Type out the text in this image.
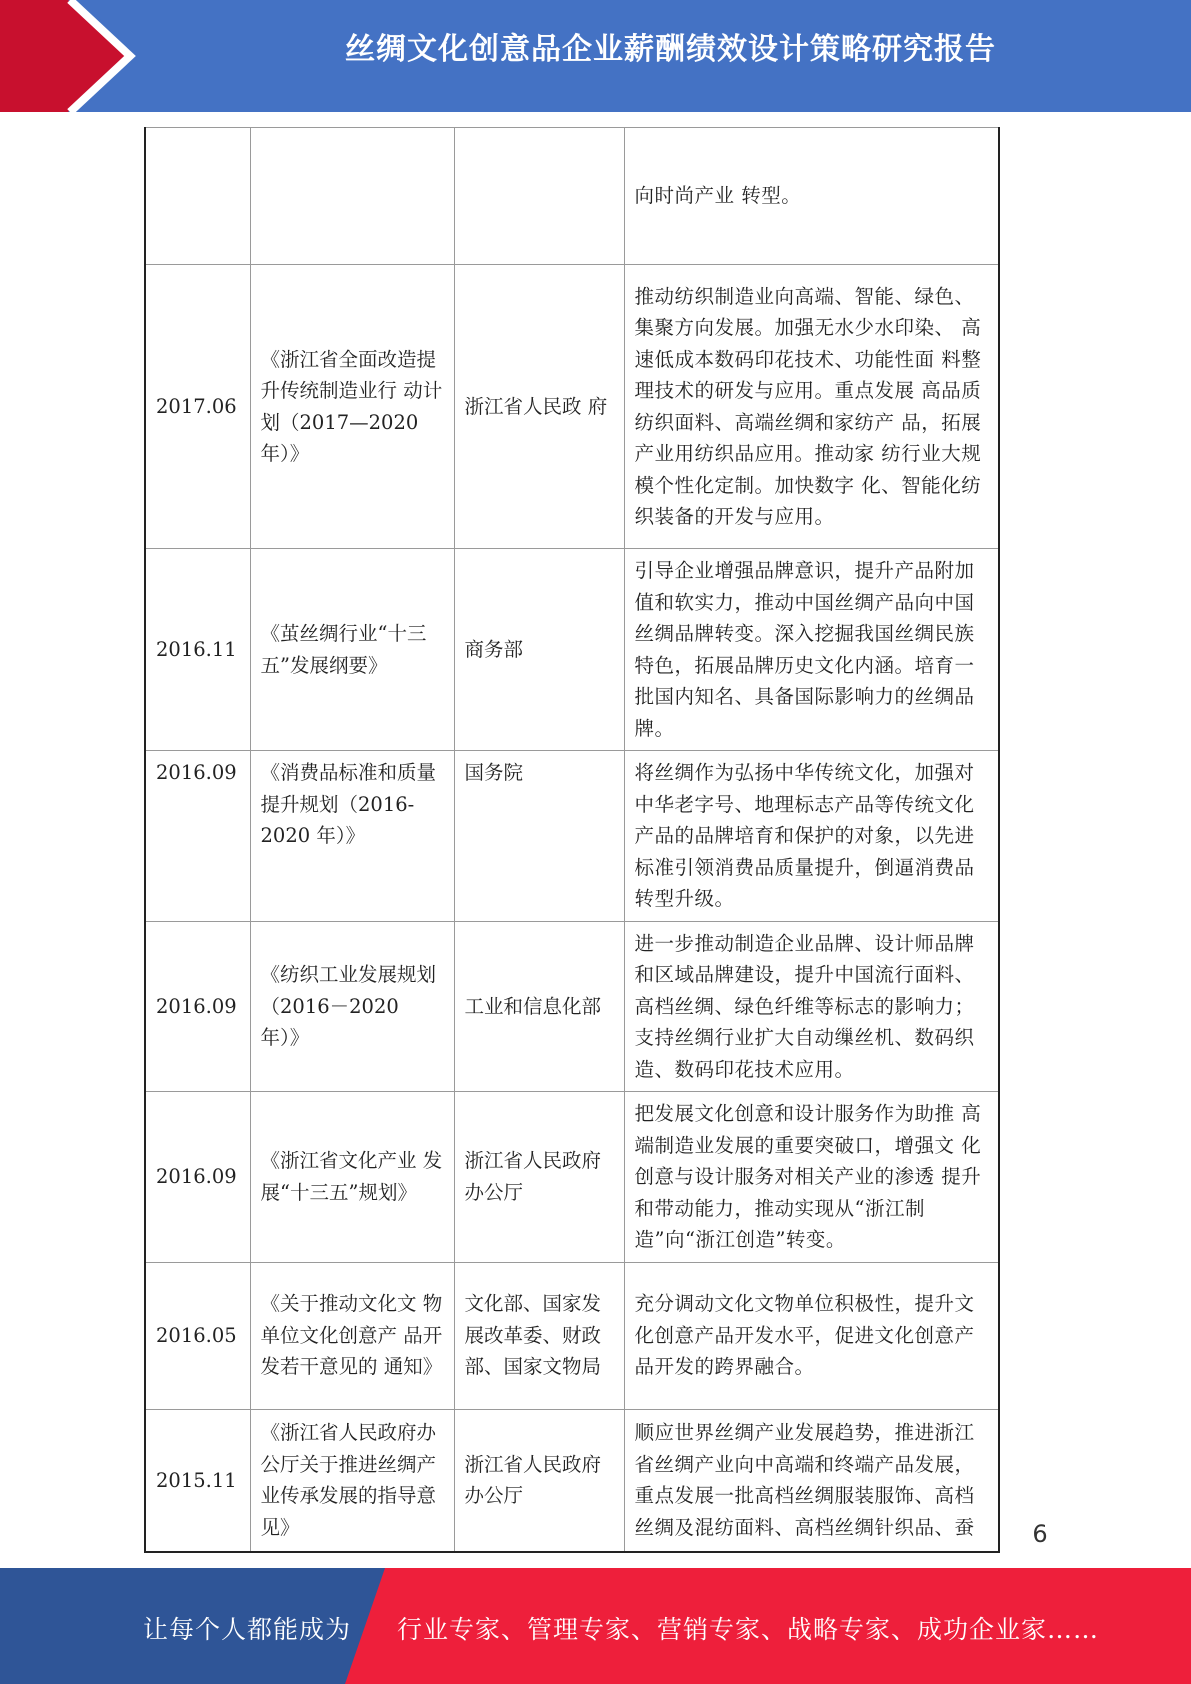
丝绸文化创意品企业薪酬绩效设计策略研究报告
			向时尚产业 转型。
2017.06	《浙江省全面改造提升传统制造业行 动计划（2017—2020 年）》	浙江省人民政 府	推动纺织制造业向高端、智能、绿色、 集聚方向发展。加强无水少水印染、 高速低成本数码印花技术、功能性面 料整理技术的研发与应用。重点发展 高品质纺织面料、高端丝绸和家纺产 品，拓展产业用纺织品应用。推动家 纺行业大规模个性化定制。加快数字 化、智能化纺织装备的开发与应用。
2016.11	《茧丝绸行业“十三五”发展纲要》	商务部	引导企业增强品牌意识，提升产品附加值和软实力，推动中国丝绸产品向中国丝绸品牌转变。深入挖掘我国丝绸民族特色，拓展品牌历史文化内涵。培育一批国内知名、具备国际影响力的丝绸品牌。
2016.09	《消费品标准和质量提升规划（2016-2020 年）》	国务院	将丝绸作为弘扬中华传统文化，加强对中华老字号、地理标志产品等传统文化产品的品牌培育和保护的对象，以先进标准引领消费品质量提升，倒逼消费品转型升级。
2016.09	《纺织工业发展规划（2016－2020 年）》	工业和信息化部	进一步推动制造企业品牌、设计师品牌和区域品牌建设，提升中国流行面料、高档丝绸、绿色纤维等标志的影响力；支持丝绸行业扩大自动缫丝机、数码织造、数码印花技术应用。
2016.09	《浙江省文化产业 发展“十三五”规划》	浙江省人民政府 办公厅	把发展文化创意和设计服务作为助推 高端制造业发展的重要突破口，增强文 化创意与设计服务对相关产业的渗透 提升和带动能力，推动实现从“浙江制 造”向“浙江创造”转变。
2016.05	《关于推动文化文 物单位文化创意产 品开发若干意见的 通知》	文化部、国家发 展改革委、财政 部、国家文物局	充分调动文化文物单位积极性，提升文化创意产品开发水平，促进文化创意产品开发的跨界融合。
2015.11	《浙江省人民政府办公厅关于推进丝绸产业传承发展的指导意见》	浙江省人民政府办公厅	顺应世界丝绸产业发展趋势，推进浙江省丝绸产业向中高端和终端产品发展，重点发展一批高档丝绸服装服饰、高档丝绸及混纺面料、高档丝绸针织品、蚕	6
让每个人都能成为 行业专家、管理专家、营销专家、战略专家、成功企业家……
